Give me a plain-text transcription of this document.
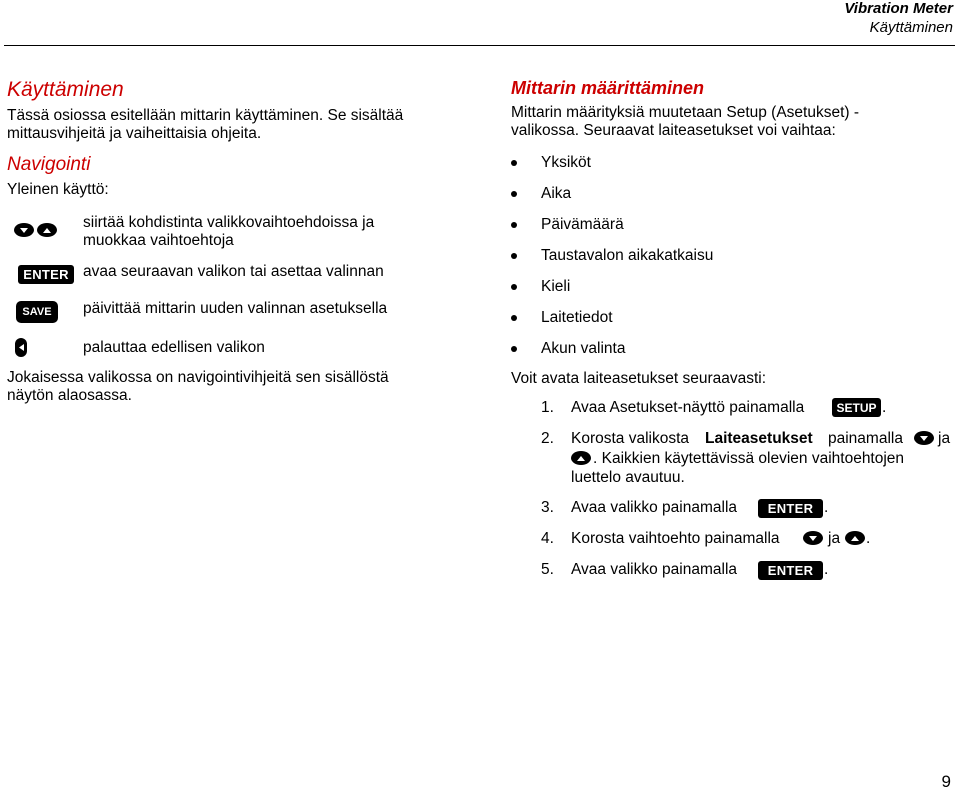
Vibration Meter
Käyttäminen
Käyttäminen
Tässä osiossa esitellään mittarin käyttäminen. Se sisältää
mittausvihjeitä ja vaiheittaisia ohjeita.
Navigointi
Yleinen käyttö:
siirtää kohdistinta valikkovaihtoehdoissa ja
muokkaa vaihtoehtoja
ENTER avaa seuraavan valikon tai asettaa valinnan
SAVE	päivittää mittarin uuden valinnan asetuksella
palauttaa edellisen valikon
Jokaisessa valikossa on navigointivihjeitä sen sisällöstä
näytön alaosassa.
Mittarin määrittäminen
Mittarin määrityksiä muutetaan Setup (Asetukset) -
valikossa. Seuraavat laiteasetukset voi vaihtaa:
Yksiköt
Aika
Päivämäärä
Taustavalon aikakatkaisu
Kieli
Laitetiedot
Akun valinta
Voit avata laiteasetukset seuraavasti:
1. Avaa Asetukset-näyttö painamalla	SETUP .
2. Korosta valikosta Laiteasetukset painamalla ja
. Kaikkien käytettävissä olevien vaihtoehtojen
luettelo avautuu.
3. Avaa valikko painamalla	ENTER .
4. Korosta vaihtoehto painamalla	ja .
5. Avaa valikko painamalla	ENTER .
9
